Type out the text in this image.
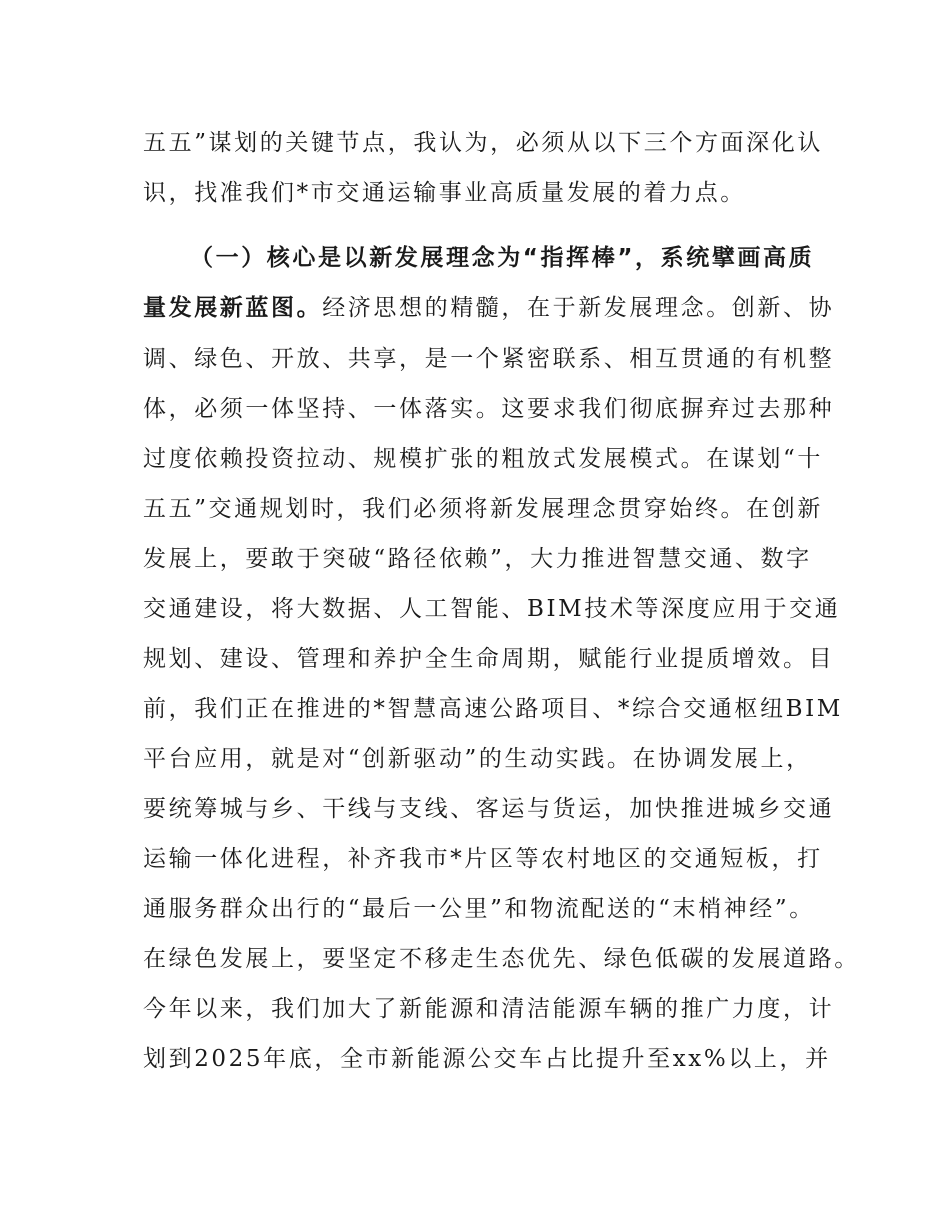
五五”谋划的关键节点，我认为，必须从以下三个方面深化认
识，找准我们*市交通运输事业高质量发展的着力点。
（一）核心是以新发展理念为“指挥棒”，系统擘画高质
量发展新蓝图。经济思想的精髓，在于新发展理念。创新、协
调、绿色、开放、共享，是一个紧密联系、相互贯通的有机整
体，必须一体坚持、一体落实。这要求我们彻底摒弃过去那种
过度依赖投资拉动、规模扩张的粗放式发展模式。在谋划“十
五五”交通规划时，我们必须将新发展理念贯穿始终。在创新
发展上，要敢于突破“路径依赖”，大力推进智慧交通、数字
交通建设，将大数据、人工智能、BIM技术等深度应用于交通
规划、建设、管理和养护全生命周期，赋能行业提质增效。目
前，我们正在推进的*智慧高速公路项目、*综合交通枢纽BIM
平台应用，就是对“创新驱动”的生动实践。在协调发展上，
要统筹城与乡、干线与支线、客运与货运，加快推进城乡交通
运输一体化进程，补齐我市*片区等农村地区的交通短板，打
通服务群众出行的“最后一公里”和物流配送的“末梢神经”。
在绿色发展上，要坚定不移走生态优先、绿色低碳的发展道路。
今年以来，我们加大了新能源和清洁能源车辆的推广力度，计
划到2025年底，全市新能源公交车占比提升至xx%以上，并
